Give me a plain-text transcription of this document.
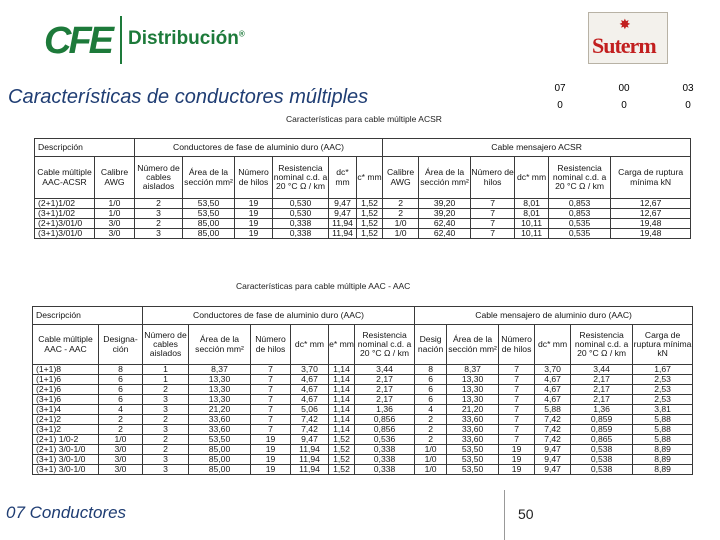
CFE Distribución®
✸
Suterm
Características de conductores múltiples	07	00	03
0	0	0
Características para cable múltiple ACSR
Descripción		Conductores de fase de aluminio duro (AAC)						Cable mensajero ACSR					
Cable múltiple AAC-ACSR	Calibre AWG	Número de cables aislados	Área de la sección mm²	Número de hilos	Resistencia nominal c.d. a 20 °C Ω / km	dc* mm	c* mm	Calibre AWG	Área de la sección mm²	Número de hilos	dc* mm	Resistencia nominal c.d. a 20 °C Ω / km	Carga de ruptura mínima kN
(2+1)1/02	1/0	2	53,50	19	0,530	9,47	1,52	2	39,20	7	8,01	0,853	12,67
(3+1)1/02	1/0	3	53,50	19	0,530	9,47	1,52	2	39,20	7	8,01	0,853	12,67
(2+1)3/01/0	3/0	2	85,00	19	0,338	11,94	1,52	1/0	62,40	7	10,11	0,535	19,48
(3+1)3/01/0	3/0	3	85,00	19	0,338	11,94	1,52	1/0	62,40	7	10,11	0,535	19,48
Características para cable múltiple AAC - AAC
Descripción		Conductores de fase de aluminio duro (AAC)						Cable mensajero de aluminio duro (AAC)					
Cable múltiple AAC - AAC	Designa-ción	Número de cables aislados	Área de la sección mm²	Número de hilos	dc* mm	e* mm	Resistencia nominal c.d. a 20 °C Ω / km	Desig nación	Área de la sección mm²	Número de hilos	dc* mm	Resistencia nominal c.d. a 20 °C Ω / km	Carga de ruptura mínima kN
(1+1)8	8	1	8,37	7	3,70	1,14	3,44	8	8,37	7	3,70	3,44	1,67
(1+1)6	6	1	13,30	7	4,67	1,14	2,17	6	13,30	7	4,67	2,17	2,53
(2+1)6	6	2	13,30	7	4,67	1,14	2,17	6	13,30	7	4,67	2,17	2,53
(3+1)6	6	3	13,30	7	4,67	1,14	2,17	6	13,30	7	4,67	2,17	2,53
(3+1)4	4	3	21,20	7	5,06	1,14	1,36	4	21,20	7	5,88	1,36	3,81
(2+1)2	2	2	33,60	7	7,42	1,14	0,856	2	33,60	7	7,42	0,859	5,88
(3+1)2	2	3	33,60	7	7,42	1,14	0,856	2	33,60	7	7,42	0,859	5,88
(2+1) 1/0-2	1/0	2	53,50	19	9,47	1,52	0,536	2	33,60	7	7,42	0,865	5,88
(2+1) 3/0-1/0	3/0	2	85,00	19	11,94	1,52	0,338	1/0	53,50	19	9,47	0,538	8,89
(3+1) 3/0-1/0	3/0	3	85,00	19	11,94	1,52	0,338	1/0	53,50	19	9,47	0,538	8,89
(3+1) 3/0-1/0	3/0	3	85,00	19	11,94	1,52	0,338	1/0	53,50	19	9,47	0,538	8,89
07 Conductores	50
